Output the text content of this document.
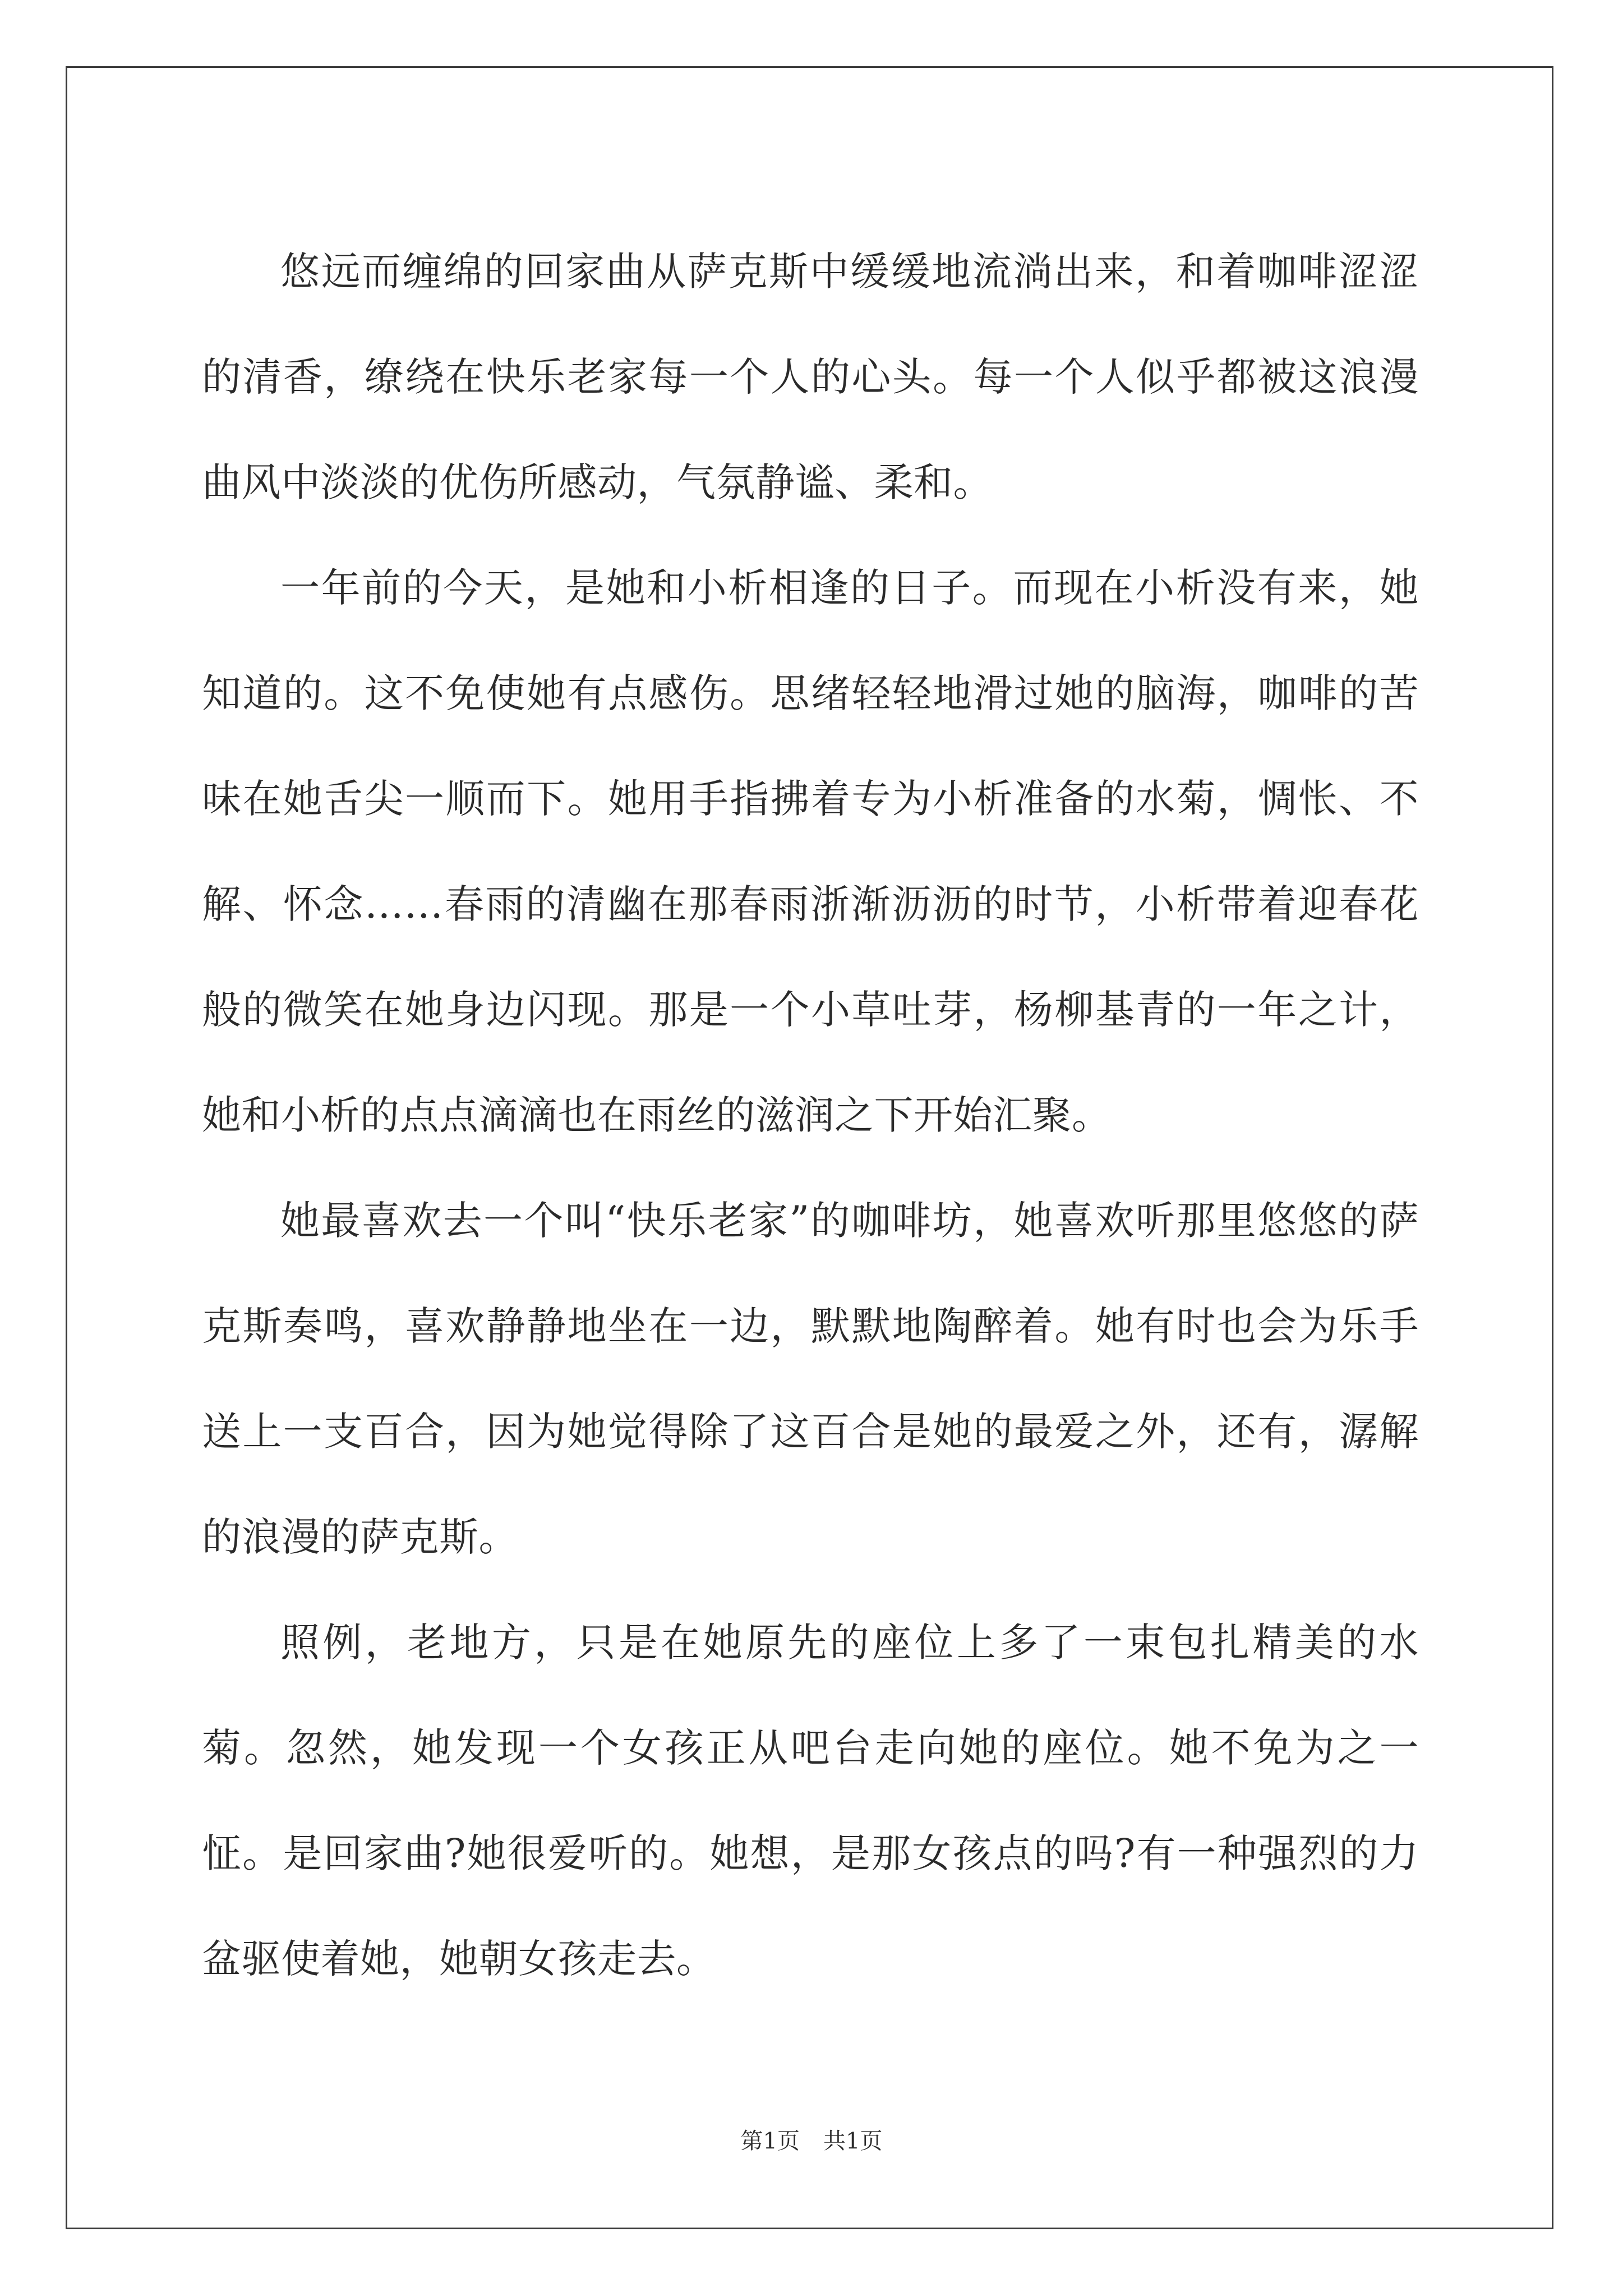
悠远而缠绵的回家曲从萨克斯中缓缓地流淌出来，和着咖啡涩涩的清香，缭绕在快乐老家每一个人的心头。每一个人似乎都被这浪漫曲风中淡淡的优伤所感动，气氛静谧、柔和。

一年前的今天，是她和小析相逢的日子。而现在小析没有来，她知道的。这不免使她有点感伤。思绪轻轻地滑过她的脑海，咖啡的苦味在她舌尖一顺而下。她用手指拂着专为小析准备的水菊，惆怅、不解、怀念……春雨的清幽在那春雨浙渐沥沥的时节，小析带着迎春花般的微笑在她身边闪现。那是一个小草吐芽，杨柳基青的一年之计，她和小析的点点滴滴也在雨丝的滋润之下开始汇聚。

她最喜欢去一个叫“快乐老家”的咖啡坊，她喜欢听那里悠悠的萨克斯奏鸣，喜欢静静地坐在一边，默默地陶醉着。她有时也会为乐手送上一支百合，因为她觉得除了这百合是她的最爱之外，还有，潺解的浪漫的萨克斯。

照例，老地方，只是在她原先的座位上多了一束包扎精美的水菊。忽然，她发现一个女孩正从吧台走向她的座位。她不免为之一怔。是回家曲?她很爱听的。她想，是那女孩点的吗?有一种强烈的力盆驱使着她，她朝女孩走去。

第1页 共1页
